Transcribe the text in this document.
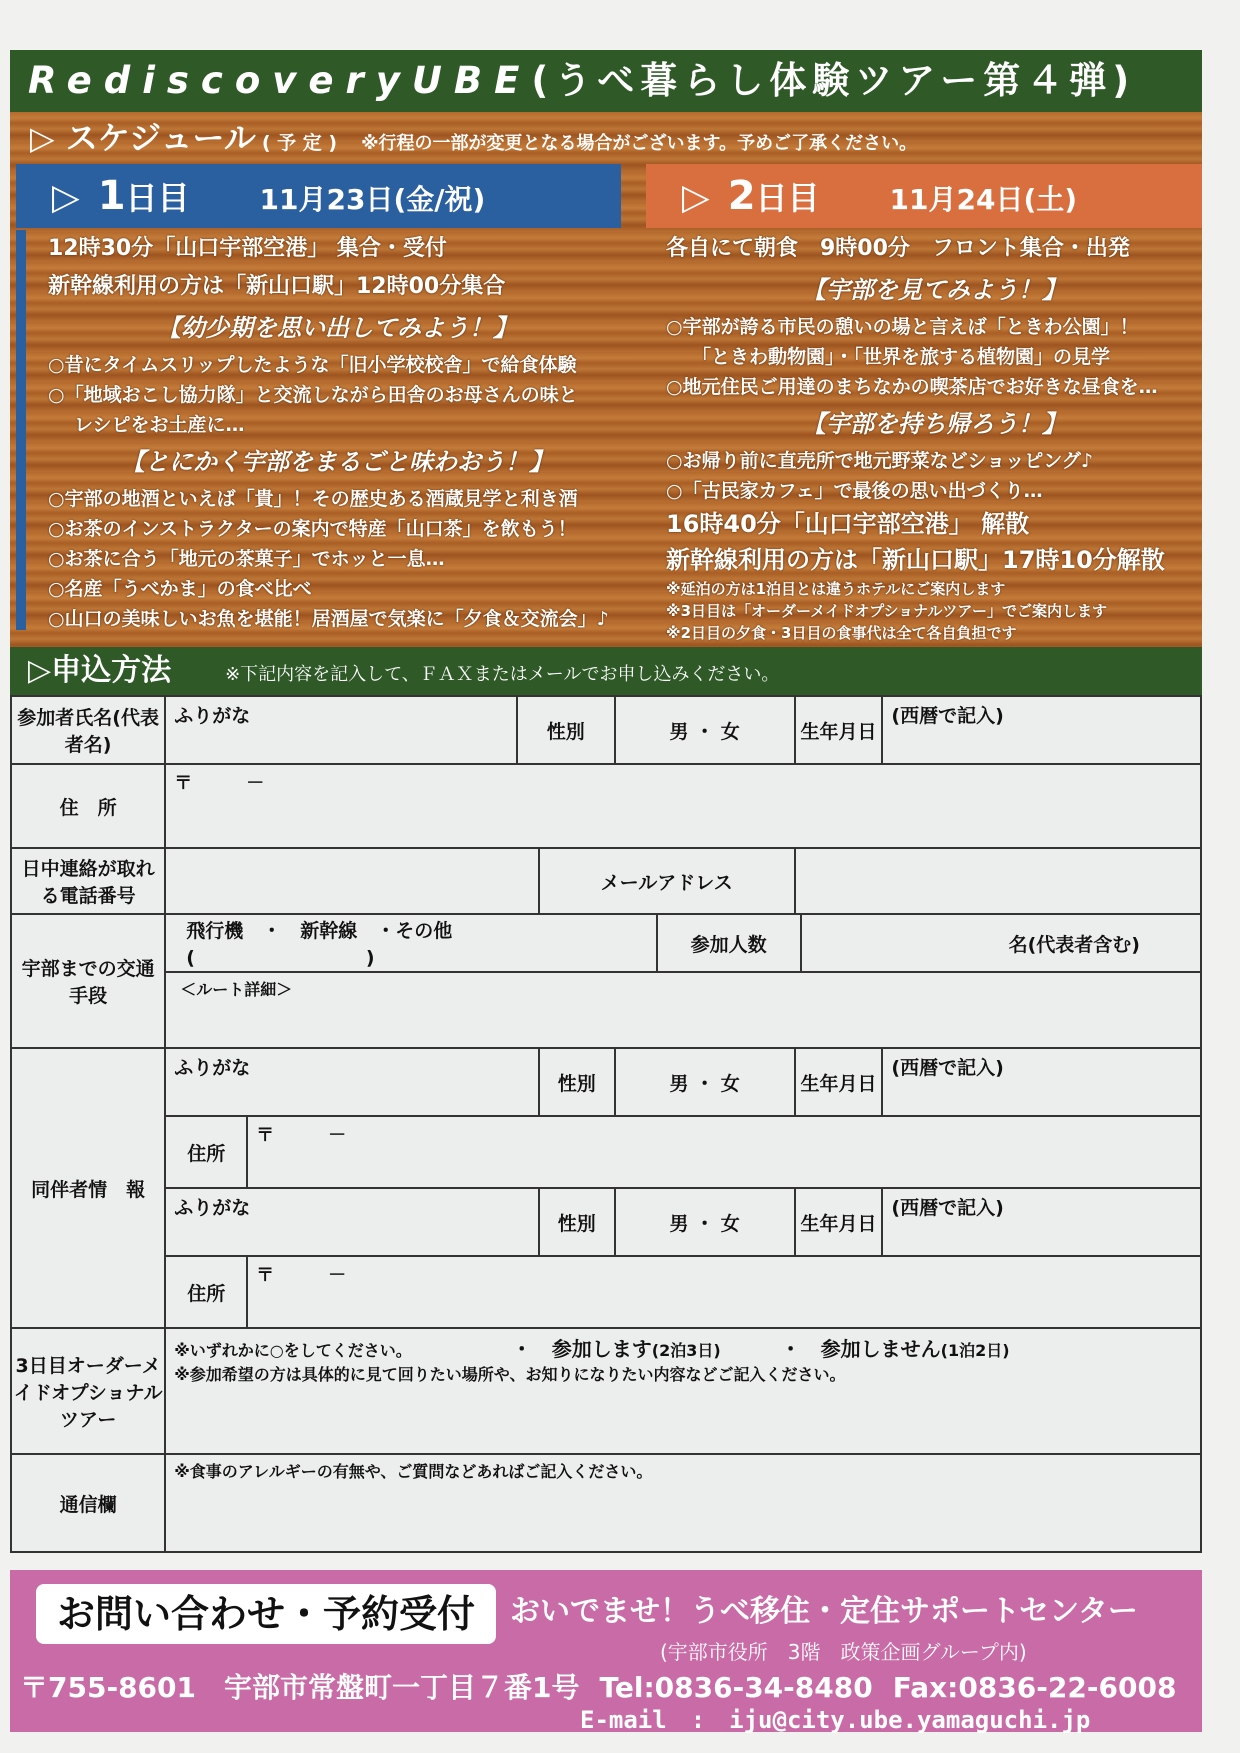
RediscoveryUBE(うべ暮らし体験ツアー第４弾)
▷ スケジュール ( 予 定 ) ※行程の一部が変更となる場合がございます。予めご了承ください。
▷ 1日目	11月23日(金/祝)	▷ 2日目	11月24日(土)
12時30分「山口宇部空港」 集合・受付
新幹線利用の方は「新山口駅」12時00分集合
【幼少期を思い出してみよう！】
○昔にタイムスリップしたような「旧小学校校舎」で給食体験
○「地域おこし協力隊」と交流しながら田舎のお母さんの味と
レシピをお土産に…
【とにかく宇部をまるごと味わおう！】
○宇部の地酒といえば「貴」！その歴史ある酒蔵見学と利き酒
○お茶のインストラクターの案内で特産「山口茶」を飲もう！
○お茶に合う「地元の茶菓子」でホッと一息…
○名産「うべかま」の食べ比べ
○山口の美味しいお魚を堪能！居酒屋で気楽に「夕食＆交流会」♪
各自にて朝食　9時00分　フロント集合・出発
【宇部を見てみよう！】
○宇部が誇る市民の憩いの場と言えば「ときわ公園」！
「ときわ動物園」・「世界を旅する植物園」の見学
○地元住民ご用達のまちなかの喫茶店でお好きな昼食を…
【宇部を持ち帰ろう！】
○お帰り前に直売所で地元野菜などショッピング♪
○「古民家カフェ」で最後の思い出づくり…
16時40分「山口宇部空港」 解散
新幹線利用の方は「新山口駅」17時10分解散
※延泊の方は1泊目とは違うホテルにご案内します
※3日目は「オーダーメイドオプショナルツアー」でご案内します
※2日目の夕食・3日目の食事代は全て各自負担です
▷申込方法	※下記内容を記入して、ＦＡＸまたはメールでお申し込みください。
参加者氏名(代表者名)	ふりがな		性別		男 ・ 女		生年月日		(西暦で記入)
住　所	〒　　　－								
日中連絡が取れる電話番号				メールアドレス					
宇部までの交通手段	飛行機　・　新幹線　・その他　(　　　　　　　　　)					参加人数		名(代表者含む)	
	＜ルート詳細＞								
同伴者情　報	ふりがな			性別	男 ・ 女		生年月日		(西暦で記入)
	住所	〒　　　－							
	ふりがな			性別	男 ・ 女		生年月日		(西暦で記入)
	住所	〒　　　－							
3日目オーダーメイドオプショナルツアー	※いずれかに○をしてください。 ・　参加します(2泊3日) ・　参加しません(1泊2日)
※参加希望の方は具体的に見て回りたい場所や、お知りになりたい内容などご記入ください。								

通信欄	※食事のアレルギーの有無や、ご質問などあればご記入ください。								
お問い合わせ・予約受付	おいでませ！うべ移住・定住サポートセンター
(宇部市役所　3階　政策企画グループ内)
〒755-8601　宇部市常盤町一丁目７番1号 Tel:0836-34-8480 Fax:0836-22-6008
E-mail　:　iju@city.ube.yamaguchi.jp
